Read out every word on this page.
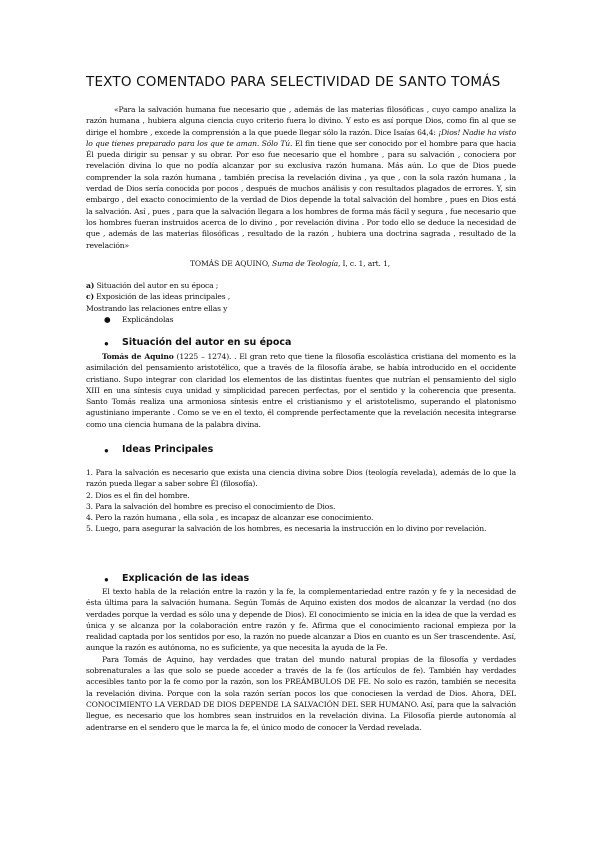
TEXTO COMENTADO PARA SELECTIVIDAD DE SANTO TOMÁS
«Para la salvación humana fue necesario que , además de las materias filosóficas , cuyo campo analiza la razón humana , hubiera alguna ciencia cuyo criterio fuera lo divino. Y esto es así porque Dios, como fin al que se dirige el hombre , excede la comprensión a la que puede llegar sólo la razón. Dice Isaías 64,4: ¡Dios! Nadie ha visto lo que tienes preparado para los que te aman. Sólo Tú. El fin tiene que ser conocido por el hombre para que hacia Él pueda dirigir su pensar y su obrar. Por eso fue necesario que el hombre , para su salvación , conociera por revelación divina lo que no podía alcanzar por su exclusiva razón humana. Más aún. Lo que de Dios puede comprender la sola razón humana , también precisa la revelación divina , ya que , con la sola razón humana , la verdad de Dios sería conocida por pocos , después de muchos análisis y con resultados plagados de errores. Y, sin embargo , del exacto conocimiento de la verdad de Dios depende la total salvación del hombre , pues en Dios está la salvación. Así , pues , para que la salvación llegara a los hombres de forma más fácil y segura , fue necesario que los hombres fueran instruidos acerca de lo divino , por revelación divina . Por todo ello se deduce la necesidad de que , además de las materias filosóficas , resultado de la razón , hubiera una doctrina sagrada , resultado de la revelación»
TOMÁS DE AQUINO, Suma de Teología, I, c. 1, art. 1,

a) Situación del autor en su época ;

c) Exposición de las ideas principales ,

Mostrando las relaciones entre ellas y

● Explicándolas

● Situación del autor en su época
Tomás de Aquino (1225 – 1274). . El gran reto que tiene la filosofía escolástica cristiana del momento es la asimilación del pensamiento aristotélico, que a través de la filosofía árabe, se había introducido en el occidente cristiano. Supo integrar con claridad los elementos de las distintas fuentes que nutrían el pensamiento del siglo XIII en una síntesis cuya unidad y simplicidad parecen perfectas, por el sentido y la coherencia que presenta. Santo Tomás realiza una armoniosa síntesis entre el cristianismo y el aristotelismo, superando el platonismo agustiniano imperante . Como se ve en el texto, él comprende perfectamente que la revelación necesita integrarse como una ciencia humana de la palabra divina.
● Ideas Principales

1. Para la salvación es necesario que exista una ciencia divina sobre Dios (teología revelada), además de lo que la razón pueda llegar a saber sobre Él (filosofía).

2. Dios es el fin del hombre.

3. Para la salvación del hombre es preciso el conocimiento de Dios.

4. Pero la razón humana , ella sola , es incapaz de alcanzar ese conocimiento.

5. Luego, para asegurar la salvación de los hombres, es necesaria la instrucción en lo divino por revelación.

● Explicación de las ideas

El texto habla de la relación entre la razón y la fe, la complementariedad entre razón y fe y la necesidad de ésta última para la salvación humana. Según Tomás de Aquino existen dos modos de alcanzar la verdad (no dos verdades porque la verdad es sólo una y depende de Dios). El conocimiento se inicia en la idea de que la verdad es única y se alcanza por la colaboración entre razón y fe. Afirma que el conocimiento racional empieza por la realidad captada por los sentidos por eso, la razón no puede alcanzar a Dios en cuanto es un Ser trascendente. Así, aunque la razón es autónoma, no es suficiente, ya que necesita la ayuda de la Fe.

Para Tomás de Aquino, hay verdades que tratan del mundo natural propias de la filosofía y verdades sobrenaturales a las que solo se puede acceder a través de la fe (los artículos de fe). También hay verdades accesibles tanto por la fe como por la razón, son los PREÁMBULOS DE FE. No solo es razón, también se necesita la revelación divina. Porque con la sola razón serían pocos los que conociesen la verdad de Dios. Ahora, DEL CONOCIMIENTO LA VERDAD DE DIOS DEPENDE LA SALVACIÓN DEL SER HUMANO. Así, para que la salvación llegue, es necesario que los hombres sean instruidos en la revelación divina. La Filosofía pierde autonomía al adentrarse en el sendero que le marca la fe, el único modo de conocer la Verdad revelada.
